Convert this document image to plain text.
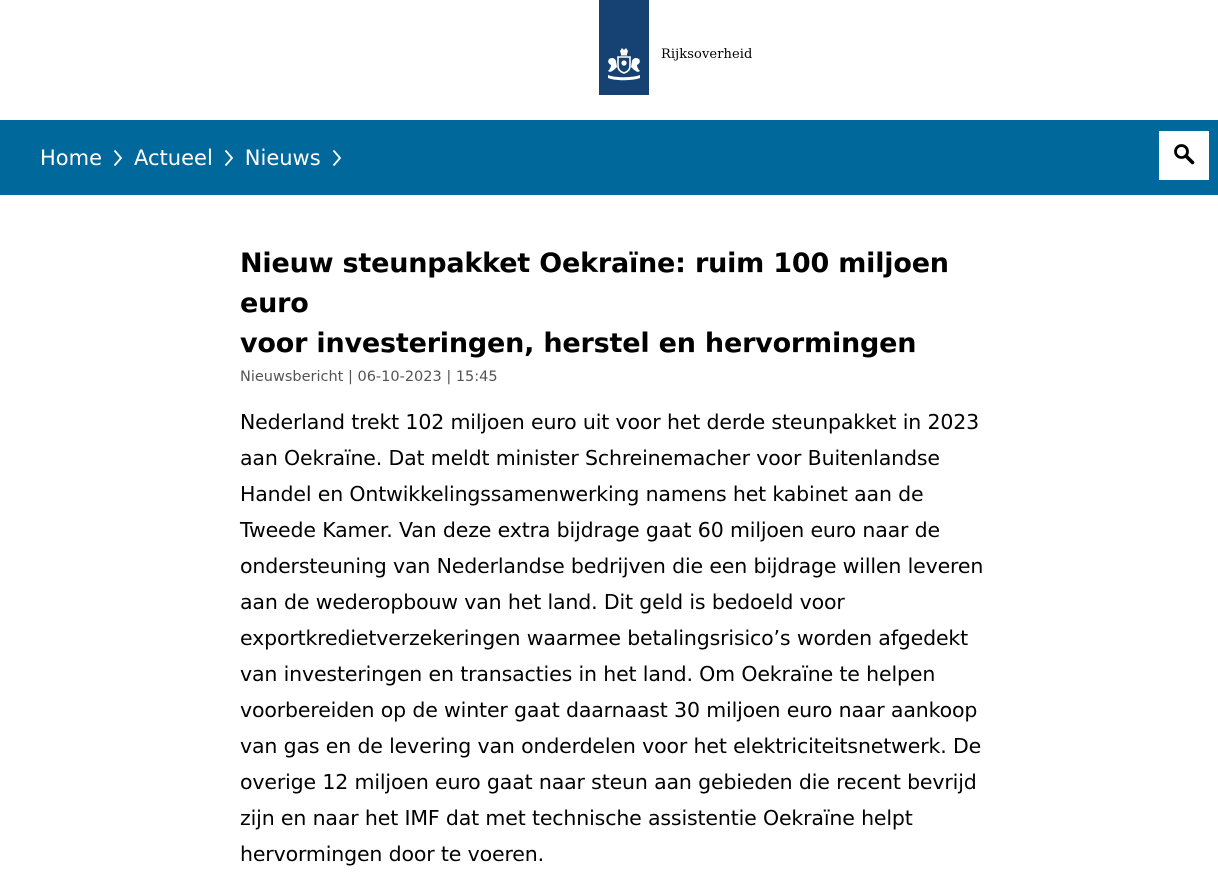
Rijksoverheid
Home Actueel Nieuws
Nieuw steunpakket Oekraïne: ruim 100 miljoen euro
voor investeringen, herstel en hervormingen

Nieuwsbericht | 06-10-2023 | 15:45

Nederland trekt 102 miljoen euro uit voor het derde steunpakket in 2023
aan Oekraïne. Dat meldt minister Schreinemacher voor Buitenlandse
Handel en Ontwikkelingssamenwerking namens het kabinet aan de
Tweede Kamer. Van deze extra bijdrage gaat 60 miljoen euro naar de
ondersteuning van Nederlandse bedrijven die een bijdrage willen leveren
aan de wederopbouw van het land. Dit geld is bedoeld voor
exportkredietverzekeringen waarmee betalingsrisico’s worden afgedekt
van investeringen en transacties in het land. Om Oekraïne te helpen
voorbereiden op de winter gaat daarnaast 30 miljoen euro naar aankoop
van gas en de levering van onderdelen voor het elektriciteitsnetwerk. De
overige 12 miljoen euro gaat naar steun aan gebieden die recent bevrijd
zijn en naar het IMF dat met technische assistentie Oekraïne helpt
hervormingen door te voeren.
